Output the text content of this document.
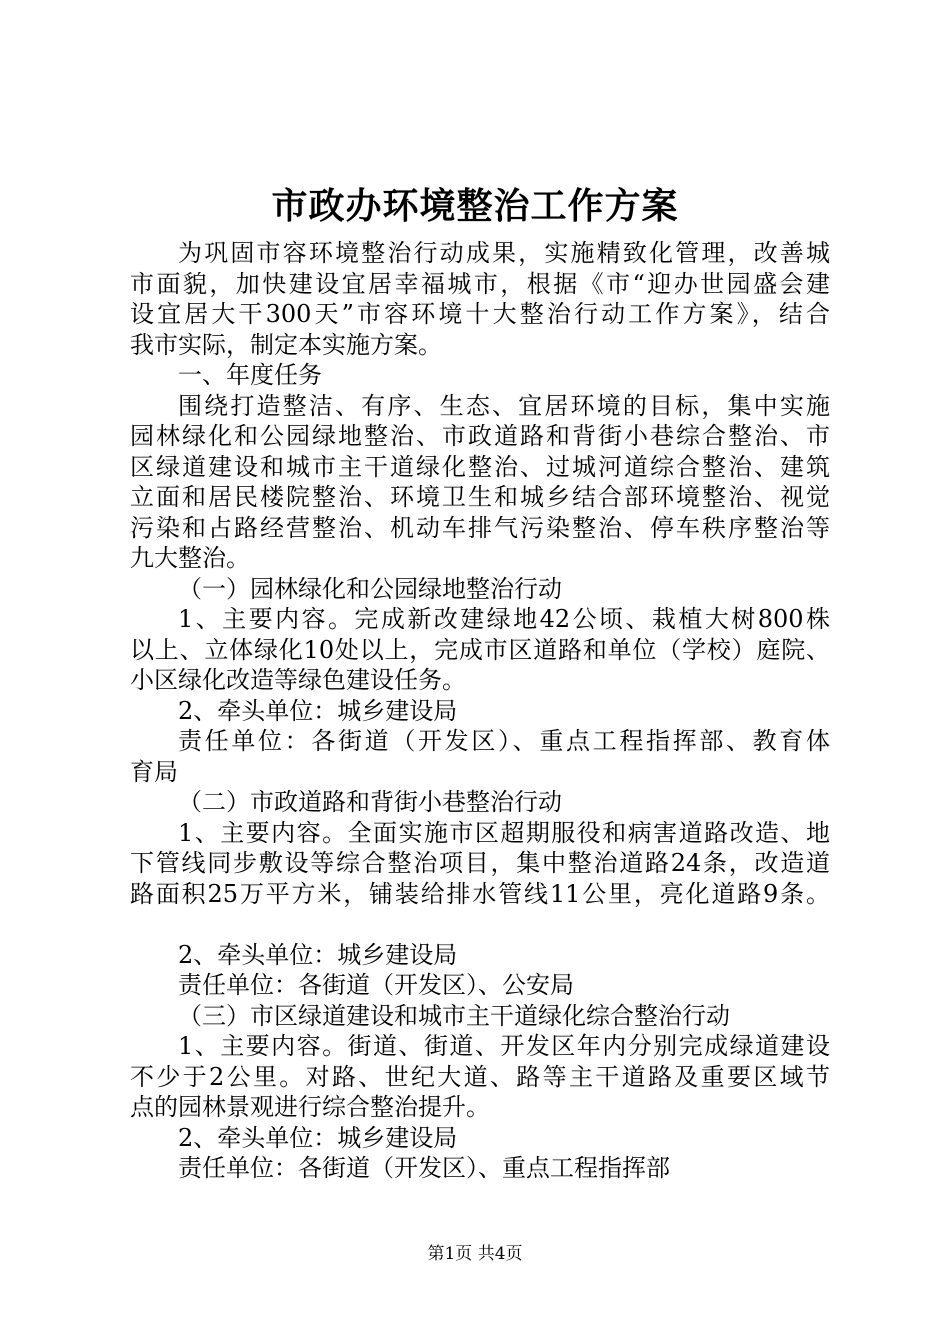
市政办环境整治工作方案
为巩固市容环境整治行动成果，实施精致化管理，改善城
市面貌，加快建设宜居幸福城市，根据《市“迎办世园盛会建
设宜居大干300天”市容环境十大整治行动工作方案》，结合
我市实际，制定本实施方案。
一、年度任务
围绕打造整洁、有序、生态、宜居环境的目标，集中实施
园林绿化和公园绿地整治、市政道路和背街小巷综合整治、市
区绿道建设和城市主干道绿化整治、过城河道综合整治、建筑
立面和居民楼院整治、环境卫生和城乡结合部环境整治、视觉
污染和占路经营整治、机动车排气污染整治、停车秩序整治等
九大整治。
（一）园林绿化和公园绿地整治行动
1、主要内容。完成新改建绿地42公顷、栽植大树800株
以上、立体绿化10处以上，完成市区道路和单位（学校）庭院、
小区绿化改造等绿色建设任务。
2、牵头单位：城乡建设局
责任单位：各街道（开发区）、重点工程指挥部、教育体
育局
（二）市政道路和背街小巷整治行动
1、主要内容。全面实施市区超期服役和病害道路改造、地
下管线同步敷设等综合整治项目，集中整治道路24条，改造道
路面积25万平方米，铺装给排水管线11公里，亮化道路9条。
2、牵头单位：城乡建设局
责任单位：各街道（开发区）、公安局
（三）市区绿道建设和城市主干道绿化综合整治行动
1、主要内容。街道、街道、开发区年内分别完成绿道建设
不少于2公里。对路、世纪大道、路等主干道路及重要区域节
点的园林景观进行综合整治提升。
2、牵头单位：城乡建设局
责任单位：各街道（开发区）、重点工程指挥部
第1页 共4页
